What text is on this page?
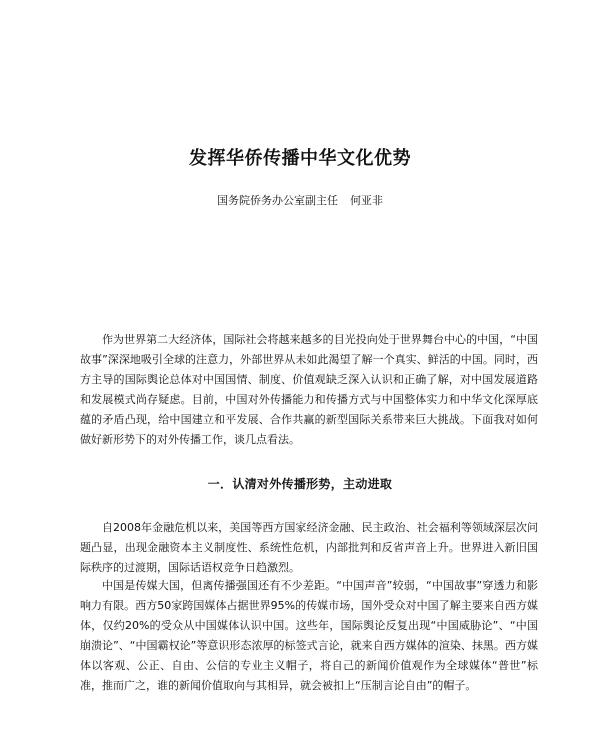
发挥华侨传播中华文化优势
国务院侨务办公室副主任 何亚非

作为世界第二大经济体，国际社会将越来越多的目光投向处于世界舞台中心的中国，“中国故事”深深地吸引全球的注意力，外部世界从未如此渴望了解一个真实、鲜活的中国。同时，西方主导的国际舆论总体对中国国情、制度、价值观缺乏深入认识和正确了解，对中国发展道路和发展模式尚存疑虑。目前，中国对外传播能力和传播方式与中国整体实力和中华文化深厚底蕴的矛盾凸现，给中国建立和平发展、合作共赢的新型国际关系带来巨大挑战。下面我对如何做好新形势下的对外传播工作，谈几点看法。

一．认清对外传播形势，主动进取

自2008年金融危机以来，美国等西方国家经济金融、民主政治、社会福利等领域深层次问题凸显，出现金融资本主义制度性、系统性危机，内部批判和反省声音上升。世界进入新旧国际秩序的过渡期，国际话语权竞争日趋激烈。

中国是传媒大国，但离传播强国还有不少差距。“中国声音”较弱，“中国故事”穿透力和影响力有限。西方50家跨国媒体占据世界95%的传媒市场，国外受众对中国了解主要来自西方媒体，仅约20%的受众从中国媒体认识中国。这些年，国际舆论反复出现“中国威胁论”、“中国崩溃论”、“中国霸权论”等意识形态浓厚的标签式言论，就来自西方媒体的渲染、抹黑。西方媒体以客观、公正、自由、公信的专业主义帽子，将自己的新闻价值观作为全球媒体“普世”标准，推而广之，谁的新闻价值取向与其相异，就会被扣上“压制言论自由”的帽子。
